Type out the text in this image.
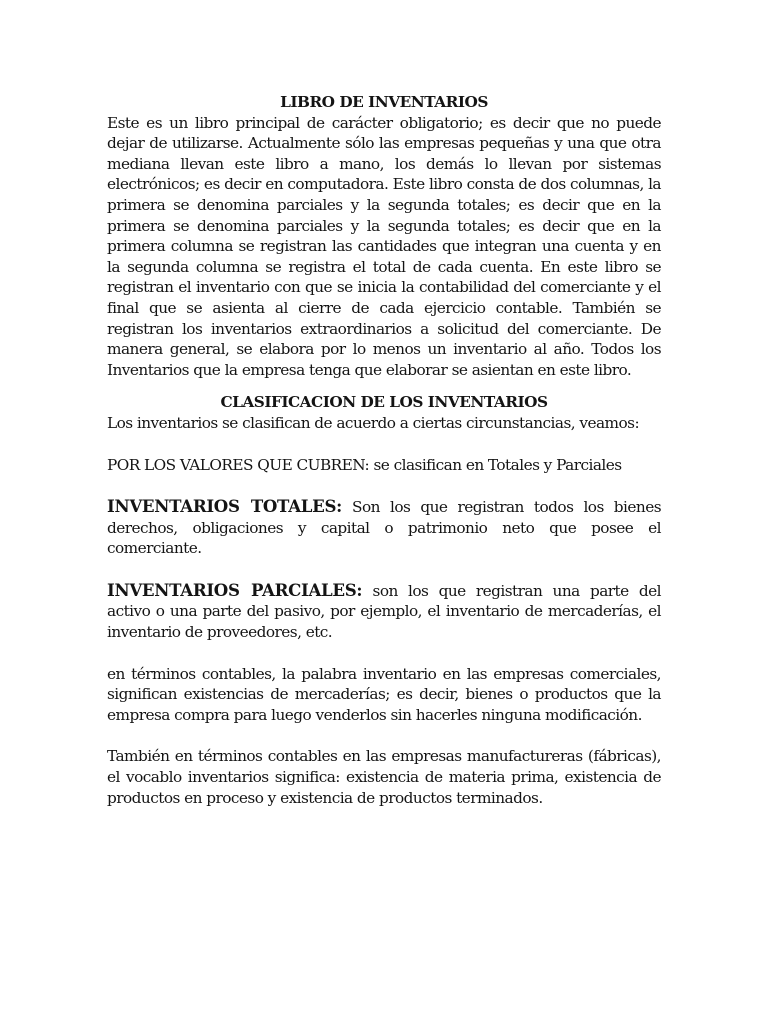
LIBRO DE INVENTARIOS

Este es un libro principal de carácter obligatorio; es decir que no puede dejar de utilizarse. Actualmente sólo las empresas pequeñas y una que otra mediana llevan este libro a mano, los demás lo llevan por sistemas electrónicos; es decir en computadora. Este libro consta de dos columnas, la primera se denomina parciales y la segunda totales; es decir que en la primera se denomina parciales y la segunda totales; es decir que en la primera columna se registran las cantidades que integran una cuenta y en la segunda columna se registra el total de cada cuenta. En este libro se registran el inventario con que se inicia la contabilidad del comerciante y el final que se asienta al cierre de cada ejercicio contable. También se registran los inventarios extraordinarios a solicitud del comerciante. De manera general, se elabora por lo menos un inventario al año. Todos los Inventarios que la empresa tenga que elaborar se asientan en este libro.

CLASIFICACION DE LOS INVENTARIOS

Los inventarios se clasifican de acuerdo a ciertas circunstancias, veamos:

POR LOS VALORES QUE CUBREN: se clasifican en Totales y Parciales

INVENTARIOS TOTALES: Son los que registran todos los bienes derechos, obligaciones y capital o patrimonio neto que posee el comerciante.

INVENTARIOS PARCIALES: son los que registran una parte del activo o una parte del pasivo, por ejemplo, el inventario de mercaderías, el inventario de proveedores, etc.

en términos contables, la palabra inventario en las empresas comerciales, significan existencias de mercaderías; es decir, bienes o productos que la empresa compra para luego venderlos sin hacerles ninguna modificación.

También en términos contables en las empresas manufactureras (fábricas), el vocablo inventarios significa: existencia de materia prima, existencia de productos en proceso y existencia de productos terminados.
